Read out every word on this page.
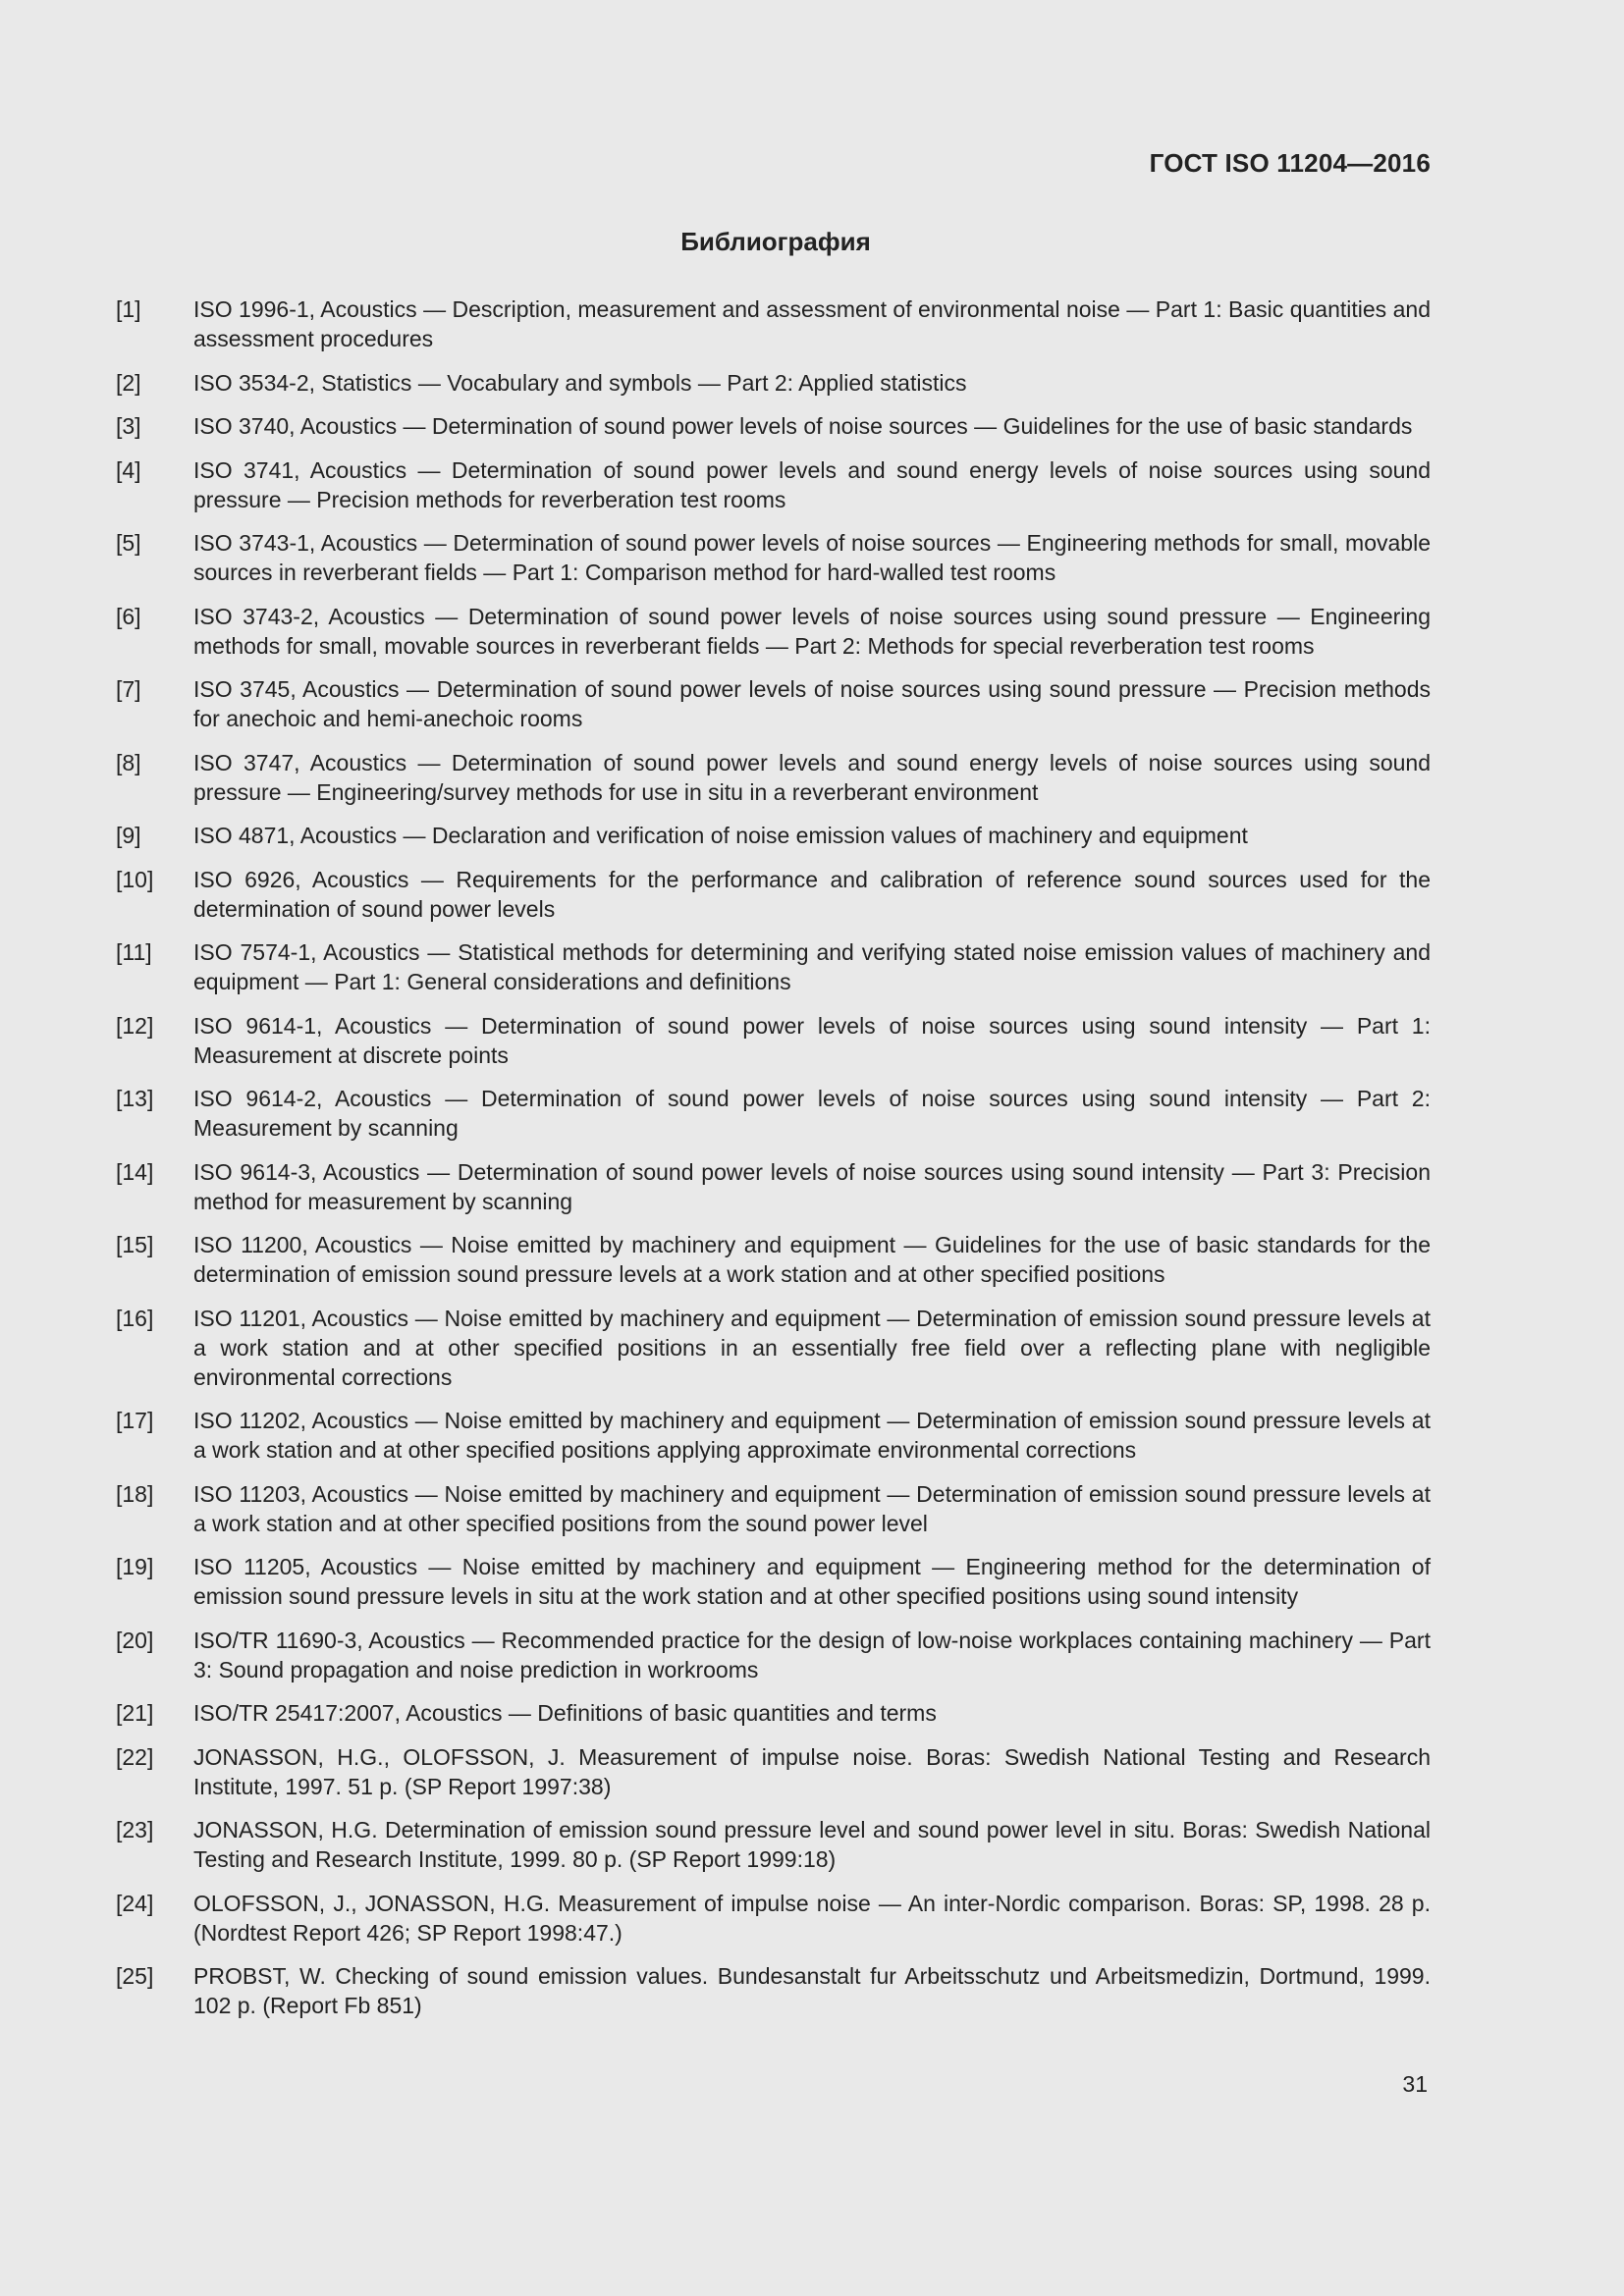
ГОСТ ISO 11204—2016
Библиография
[1]	ISO 1996-1, Acoustics — Description, measurement and assessment of environmental noise — Part 1: Basic quantities and assessment procedures
[2]	ISO 3534-2, Statistics — Vocabulary and symbols — Part 2: Applied statistics
[3]	ISO 3740, Acoustics — Determination of sound power levels of noise sources — Guidelines for the use of basic standards
[4]	ISO 3741, Acoustics — Determination of sound power levels and sound energy levels of noise sources using sound pressure — Precision methods for reverberation test rooms
[5]	ISO 3743-1, Acoustics — Determination of sound power levels of noise sources — Engineering methods for small, movable sources in reverberant fields — Part 1: Comparison method for hard-walled test rooms
[6]	ISO 3743-2, Acoustics — Determination of sound power levels of noise sources using sound pressure — Engineering methods for small, movable sources in reverberant fields — Part 2: Methods for special reverberation test rooms
[7]	ISO 3745, Acoustics — Determination of sound power levels of noise sources using sound pressure — Precision methods for anechoic and hemi-anechoic rooms
[8]	ISO 3747, Acoustics — Determination of sound power levels and sound energy levels of noise sources using sound pressure — Engineering/survey methods for use in situ in a reverberant environment
[9]	ISO 4871, Acoustics — Declaration and verification of noise emission values of machinery and equipment
[10]	ISO 6926, Acoustics — Requirements for the performance and calibration of reference sound sources used for the determination of sound power levels
[11]	ISO 7574-1, Acoustics — Statistical methods for determining and verifying stated noise emission values of machinery and equipment — Part 1: General considerations and definitions
[12]	ISO 9614-1, Acoustics — Determination of sound power levels of noise sources using sound intensity — Part 1: Measurement at discrete points
[13]	ISO 9614-2, Acoustics — Determination of sound power levels of noise sources using sound intensity — Part 2: Measurement by scanning
[14]	ISO 9614-3, Acoustics — Determination of sound power levels of noise sources using sound intensity — Part 3: Precision method for measurement by scanning
[15]	ISO 11200, Acoustics — Noise emitted by machinery and equipment — Guidelines for the use of basic standards for the determination of emission sound pressure levels at a work station and at other specified positions
[16]	ISO 11201, Acoustics — Noise emitted by machinery and equipment — Determination of emission sound pressure levels at a work station and at other specified positions in an essentially free field over a reflecting plane with negligible environmental corrections
[17]	ISO 11202, Acoustics — Noise emitted by machinery and equipment — Determination of emission sound pressure levels at a work station and at other specified positions applying approximate environmental corrections
[18]	ISO 11203, Acoustics — Noise emitted by machinery and equipment — Determination of emission sound pressure levels at a work station and at other specified positions from the sound power level
[19]	ISO 11205, Acoustics — Noise emitted by machinery and equipment — Engineering method for the determination of emission sound pressure levels in situ at the work station and at other specified positions using sound intensity
[20]	ISO/TR 11690-3, Acoustics — Recommended practice for the design of low-noise workplaces containing machinery — Part 3: Sound propagation and noise prediction in workrooms
[21]	ISO/TR 25417:2007, Acoustics — Definitions of basic quantities and terms
[22]	JONASSON, H.G., OLOFSSON, J. Measurement of impulse noise. Boras: Swedish National Testing and Research Institute, 1997. 51 p. (SP Report 1997:38)
[23]	JONASSON, H.G. Determination of emission sound pressure level and sound power level in situ. Boras: Swedish National Testing and Research Institute, 1999. 80 p. (SP Report 1999:18)
[24]	OLOFSSON, J., JONASSON, H.G. Measurement of impulse noise — An inter-Nordic comparison. Boras: SP, 1998. 28 p. (Nordtest Report 426; SP Report 1998:47.)
[25]	PROBST, W. Checking of sound emission values. Bundesanstalt fur Arbeitsschutz und Arbeitsmedizin, Dortmund, 1999. 102 p. (Report Fb 851)
31
